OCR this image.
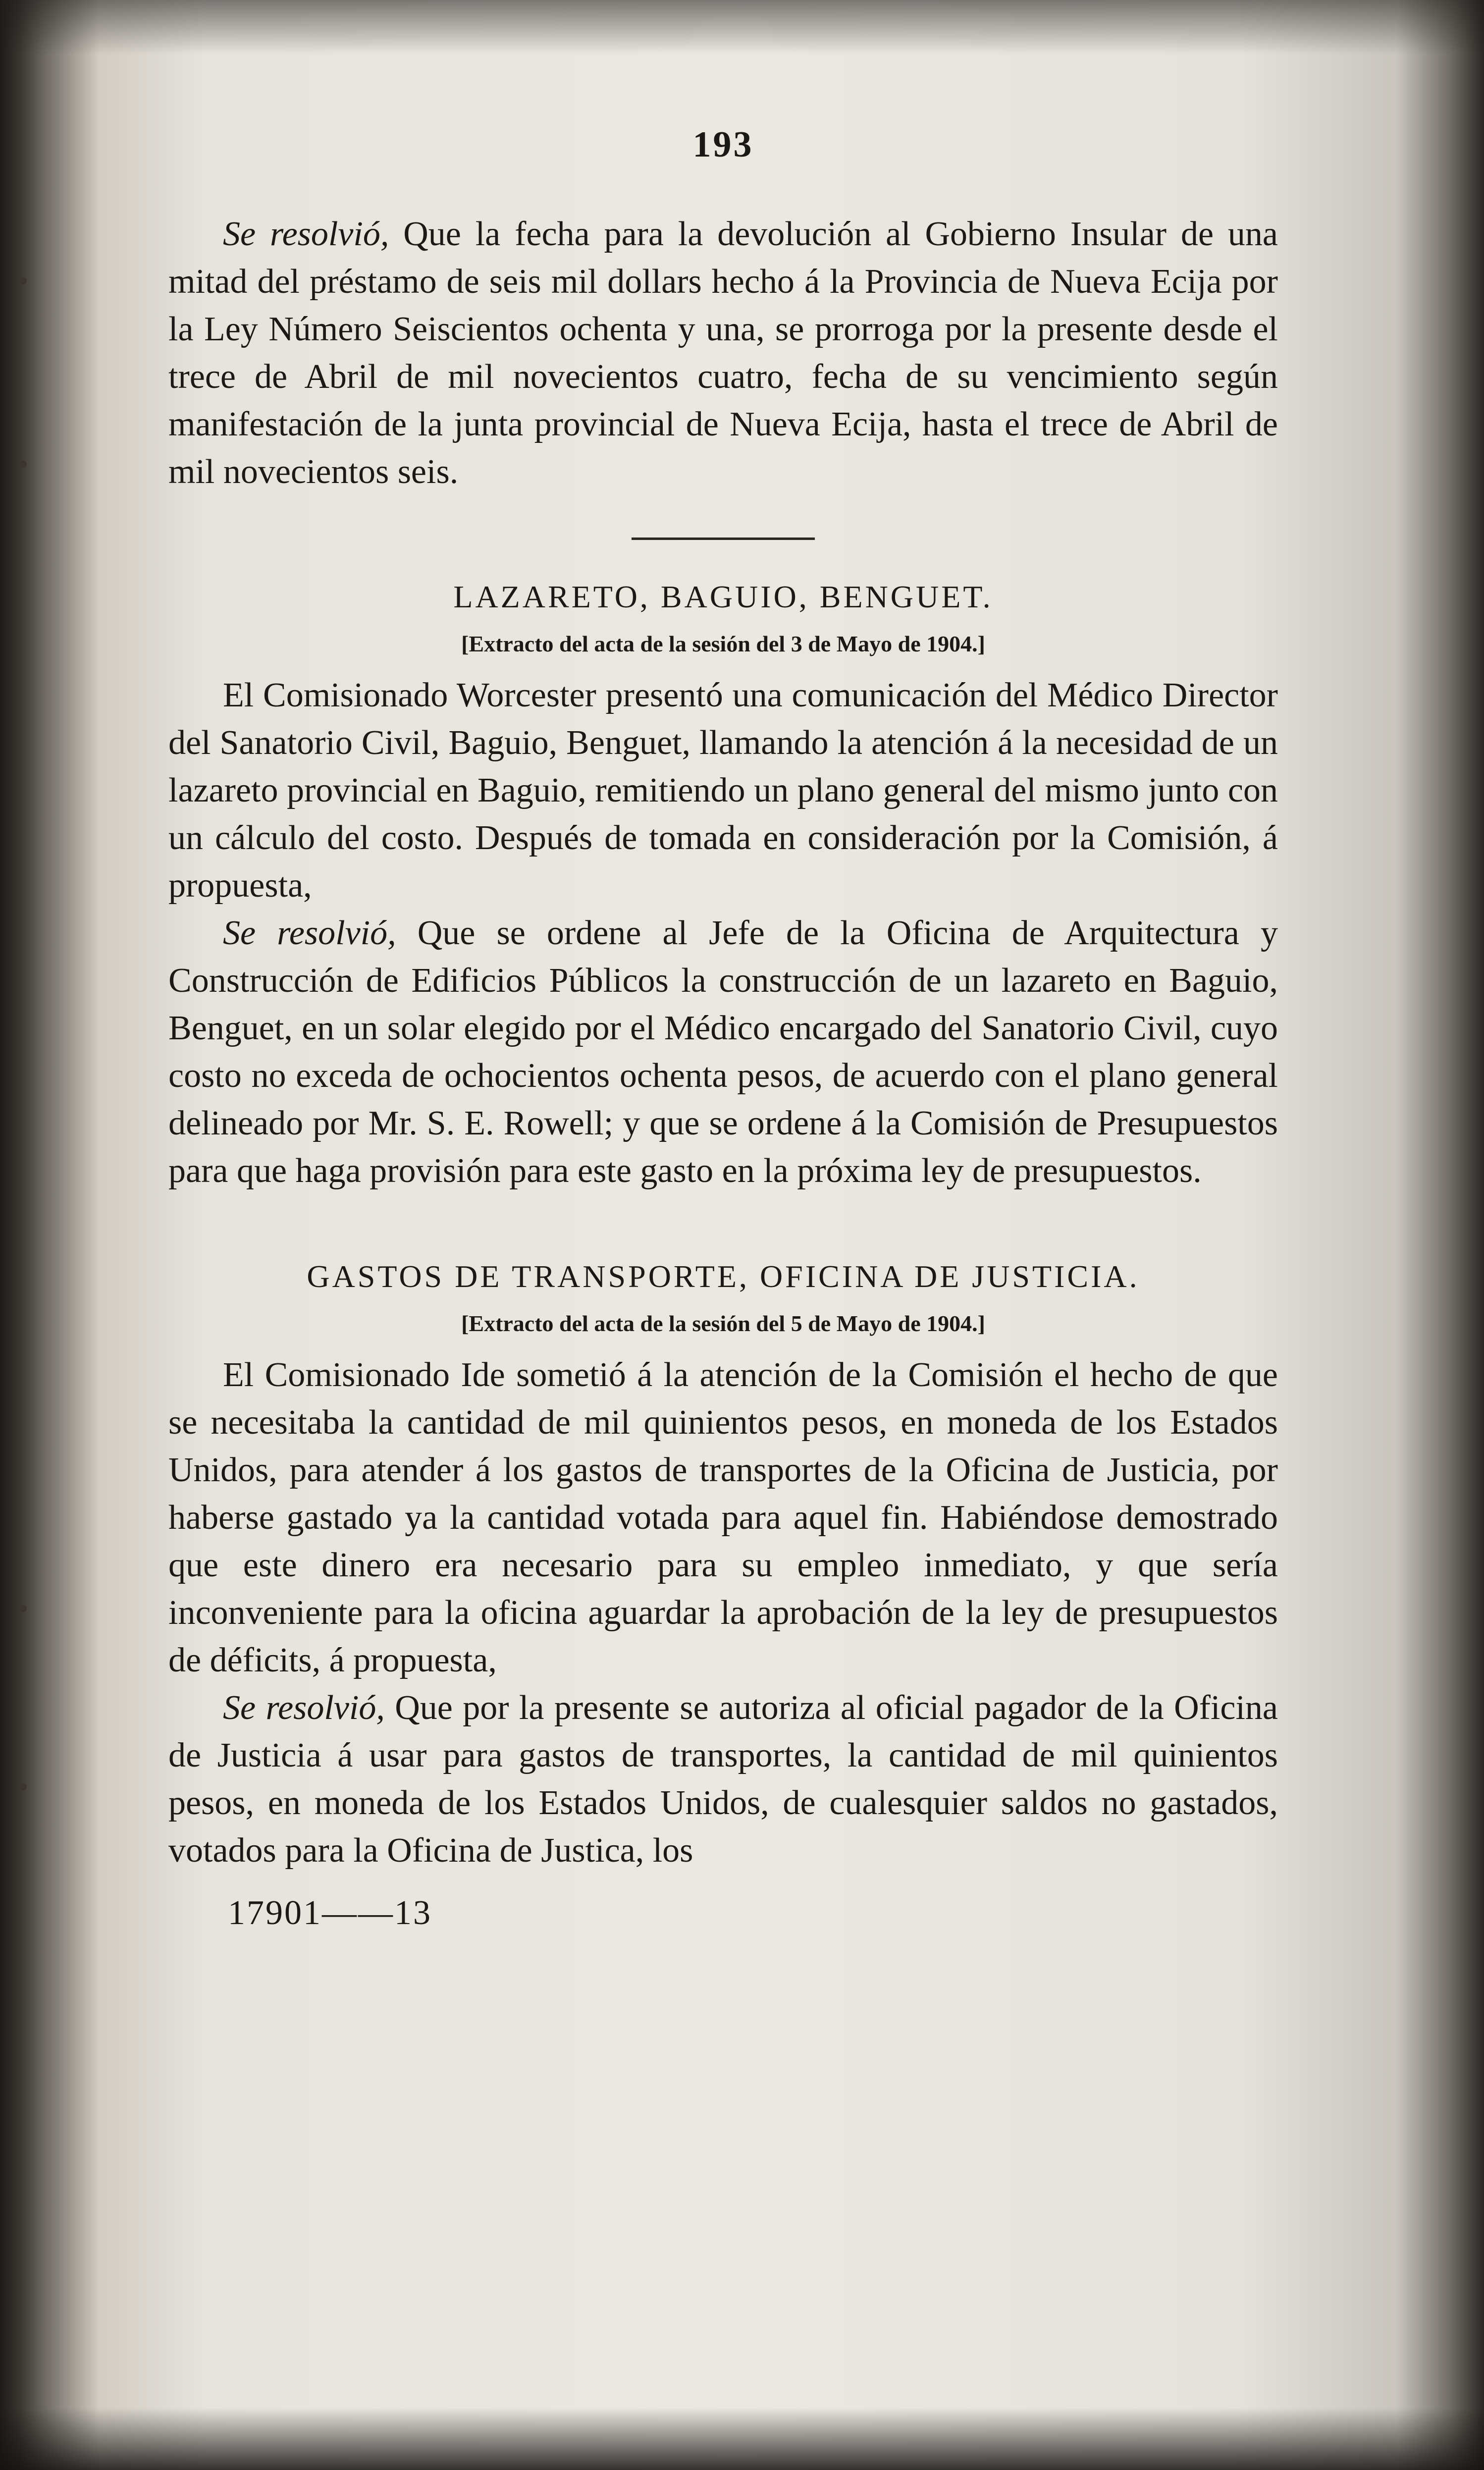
193

Se resolvió, Que la fecha para la devolución al Gobierno Insular de una mitad del préstamo de seis mil dollars hecho á la Provincia de Nueva Ecija por la Ley Número Seiscientos ochenta y una, se prorroga por la presente desde el trece de Abril de mil novecientos cuatro, fecha de su vencimiento según manifestación de la junta provincial de Nueva Ecija, hasta el trece de Abril de mil novecientos seis.

LAZARETO, BAGUIO, BENGUET.
[Extracto del acta de la sesión del 3 de Mayo de 1904.]

El Comisionado Worcester presentó una comunicación del Médico Director del Sanatorio Civil, Baguio, Benguet, llamando la atención á la necesidad de un lazareto provincial en Baguio, remitiendo un plano general del mismo junto con un cálculo del costo. Después de tomada en consideración por la Comisión, á propuesta,

Se resolvió, Que se ordene al Jefe de la Oficina de Arquitectura y Construcción de Edificios Públicos la construcción de un lazareto en Baguio, Benguet, en un solar elegido por el Médico encargado del Sanatorio Civil, cuyo costo no exceda de ochocientos ochenta pesos, de acuerdo con el plano general delineado por Mr. S. E. Rowell; y que se ordene á la Comisión de Presupuestos para que haga provisión para este gasto en la próxima ley de presupuestos.

GASTOS DE TRANSPORTE, OFICINA DE JUSTICIA.
[Extracto del acta de la sesión del 5 de Mayo de 1904.]

El Comisionado Ide sometió á la atención de la Comisión el hecho de que se necesitaba la cantidad de mil quinientos pesos, en moneda de los Estados Unidos, para atender á los gastos de transportes de la Oficina de Justicia, por haberse gastado ya la cantidad votada para aquel fin. Habiéndose demostrado que este dinero era necesario para su empleo inmediato, y que sería inconveniente para la oficina aguardar la aprobación de la ley de presupuestos de déficits, á propuesta,

Se resolvió, Que por la presente se autoriza al oficial pagador de la Oficina de Justicia á usar para gastos de transportes, la cantidad de mil quinientos pesos, en moneda de los Estados Unidos, de cualesquier saldos no gastados, votados para la Oficina de Justica, los

17901——13
